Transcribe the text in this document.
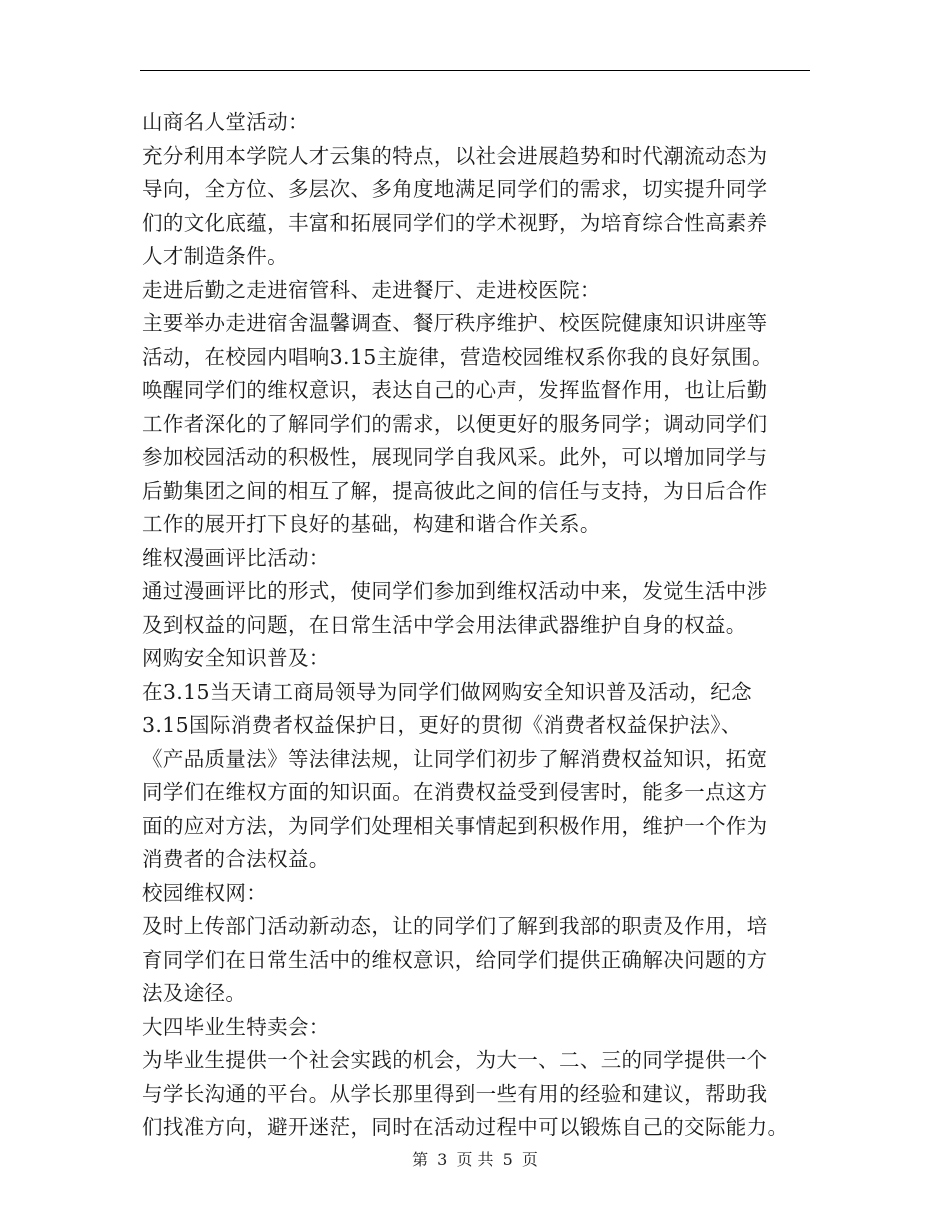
山商名人堂活动：
充分利用本学院人才云集的特点，以社会进展趋势和时代潮流动态为
导向，全方位、多层次、多角度地满足同学们的需求，切实提升同学
们的文化底蕴，丰富和拓展同学们的学术视野，为培育综合性高素养
人才制造条件。
走进后勤之走进宿管科、走进餐厅、走进校医院：
主要举办走进宿舍温馨调查、餐厅秩序维护、校医院健康知识讲座等
活动，在校园内唱响3.15主旋律，营造校园维权系你我的良好氛围。
唤醒同学们的维权意识，表达自己的心声，发挥监督作用，也让后勤
工作者深化的了解同学们的需求，以便更好的服务同学；调动同学们
参加校园活动的积极性，展现同学自我风采。此外，可以增加同学与
后勤集团之间的相互了解，提高彼此之间的信任与支持，为日后合作
工作的展开打下良好的基础，构建和谐合作关系。
维权漫画评比活动：
通过漫画评比的形式，使同学们参加到维权活动中来，发觉生活中涉
及到权益的问题，在日常生活中学会用法律武器维护自身的权益。
网购安全知识普及：
在3.15当天请工商局领导为同学们做网购安全知识普及活动，纪念
3.15国际消费者权益保护日，更好的贯彻《消费者权益保护法》、
《产品质量法》等法律法规，让同学们初步了解消费权益知识，拓宽
同学们在维权方面的知识面。在消费权益受到侵害时，能多一点这方
面的应对方法，为同学们处理相关事情起到积极作用，维护一个作为
消费者的合法权益。
校园维权网：
及时上传部门活动新动态，让的同学们了解到我部的职责及作用，培
育同学们在日常生活中的维权意识，给同学们提供正确解决问题的方
法及途径。
大四毕业生特卖会：
为毕业生提供一个社会实践的机会，为大一、二、三的同学提供一个
与学长沟通的平台。从学长那里得到一些有用的经验和建议，帮助我
们找准方向，避开迷茫，同时在活动过程中可以锻炼自己的交际能力。
第 3 页 共 5 页
